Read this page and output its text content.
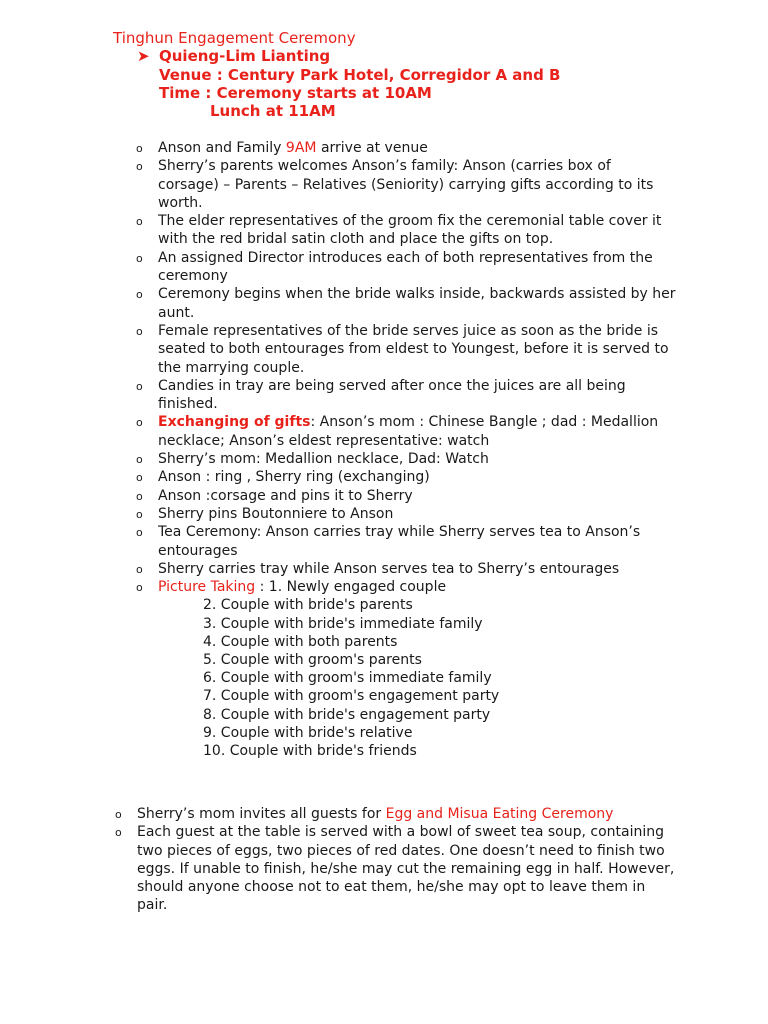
Tinghun Engagement Ceremony
➤ Quieng-Lim Lianting
Venue : Century Park Hotel, Corregidor A and B
Time : Ceremony starts at 10AM
Lunch at 11AM
o Anson and Family 9AM arrive at venue
o Sherry’s parents welcomes Anson’s family: Anson (carries box of corsage) – Parents – Relatives (Seniority) carrying gifts according to its worth.
o The elder representatives of the groom fix the ceremonial table cover it with the red bridal satin cloth and place the gifts on top.
o An assigned Director introduces each of both representatives from the ceremony
o Ceremony begins when the bride walks inside, backwards assisted by her aunt.
o Female representatives of the bride serves juice as soon as the bride is seated to both entourages from eldest to Youngest, before it is served to the marrying couple.
o Candies in tray are being served after once the juices are all being finished.
o Exchanging of gifts: Anson’s mom : Chinese Bangle ; dad : Medallion necklace; Anson’s eldest representative: watch
o Sherry’s mom: Medallion necklace, Dad: Watch
o Anson : ring , Sherry ring (exchanging)
o Anson :corsage and pins it to Sherry
o Sherry pins Boutonniere to Anson
o Tea Ceremony: Anson carries tray while Sherry serves tea to Anson’s entourages
o Sherry carries tray while Anson serves tea to Sherry’s entourages
o Picture Taking : 1. Newly engaged couple
2. Couple with bride's parents
3. Couple with bride's immediate family
4. Couple with both parents
5. Couple with groom's parents
6. Couple with groom's immediate family
7. Couple with groom's engagement party
8. Couple with bride's engagement party
9. Couple with bride's relative
10. Couple with bride's friends
o Sherry’s mom invites all guests for Egg and Misua Eating Ceremony
o Each guest at the table is served with a bowl of sweet tea soup, containing two pieces of eggs, two pieces of red dates. One doesn’t need to finish two eggs. If unable to finish, he/she may cut the remaining egg in half. However, should anyone choose not to eat them, he/she may opt to leave them in pair.
